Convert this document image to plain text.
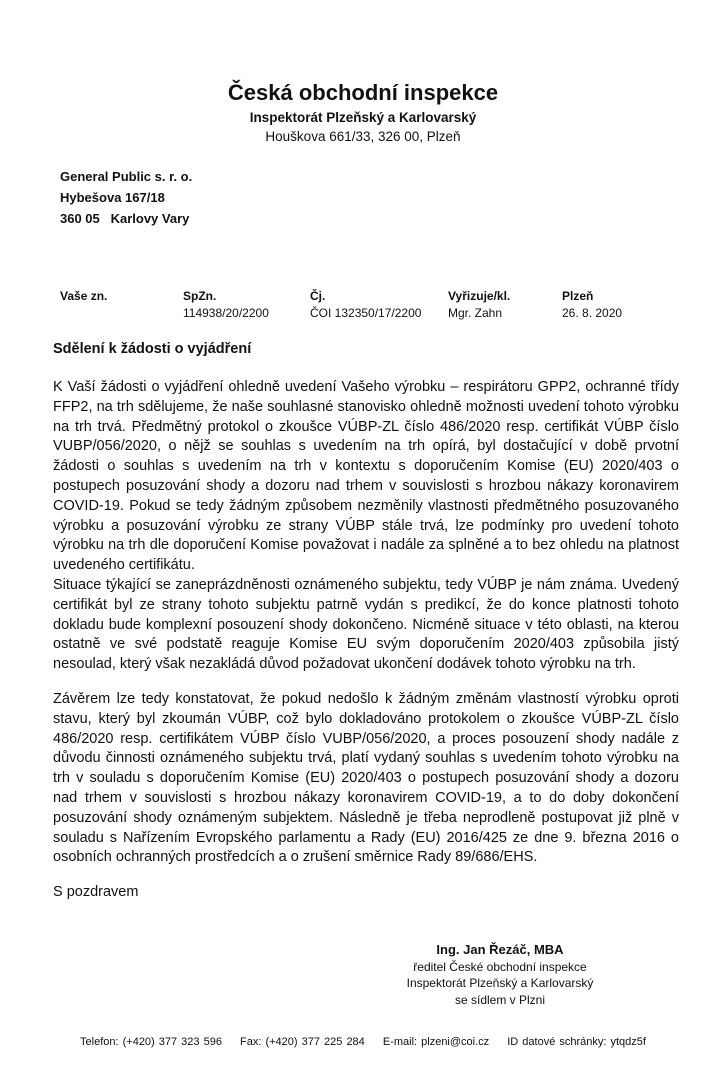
Česká obchodní inspekce
Inspektorát Plzeňský a Karlovarský
Houškova 661/33, 326 00, Plzeň
General Public s. r. o.
Hybešova 167/18
360 05   Karlovy Vary
Vaše zn.	SpZn.
114938/20/2200
Čj.
ČOI 132350/17/2200
Vyřizuje/kl.
Mgr. Zahn
Plzeň
26. 8. 2020
Sdělení k žádosti o vyjádření

K Vaší žádosti o vyjádření ohledně uvedení Vašeho výrobku – respirátoru GPP2, ochranné třídy FFP2, na trh sdělujeme, že naše souhlasné stanovisko ohledně možnosti uvedení tohoto výrobku na trh trvá. Předmětný protokol o zkoušce VÚBP-ZL číslo 486/2020 resp. certifikát VÚBP číslo VUBP/056/2020, o nějž se souhlas s uvedením na trh opírá, byl dostačující v době prvotní žádosti o souhlas s uvedením na trh v kontextu s doporučením Komise (EU) 2020/403 o postupech posuzování shody a dozoru nad trhem v souvislosti s hrozbou nákazy koronavirem COVID-19. Pokud se tedy žádným způsobem nezměnily vlastnosti předmětného posuzovaného výrobku a posuzování výrobku ze strany VÚBP stále trvá, lze podmínky pro uvedení tohoto výrobku na trh dle doporučení Komise považovat i nadále za splněné a to bez ohledu na platnost uvedeného certifikátu.

Situace týkající se zaneprázdněnosti oznámeného subjektu, tedy VÚBP je nám známa. Uvedený certifikát byl ze strany tohoto subjektu patrně vydán s predikcí, že do konce platnosti tohoto dokladu bude komplexní posouzení shody dokončeno. Nicméně situace v této oblasti, na kterou ostatně ve své podstatě reaguje Komise EU svým doporučením 2020/403 způsobila jistý nesoulad, který však nezakládá důvod požadovat ukončení dodávek tohoto výrobku na trh.

Závěrem lze tedy konstatovat, že pokud nedošlo k žádným změnám vlastností výrobku oproti stavu, který byl zkoumán VÚBP, což bylo dokladováno protokolem o zkoušce VÚBP-ZL číslo 486/2020 resp. certifikátem VÚBP číslo VUBP/056/2020, a proces posouzení shody nadále z důvodu činnosti oznámeného subjektu trvá, platí vydaný souhlas s uvedením tohoto výrobku na trh v souladu s doporučením Komise (EU) 2020/403 o postupech posuzování shody a dozoru nad trhem v souvislosti s hrozbou nákazy koronavirem COVID-19, a to do doby dokončení posuzování shody oznámeným subjektem. Následně je třeba neprodleně postupovat již plně v souladu s Nařízením Evropského parlamentu a Rady (EU) 2016/425 ze dne 9. března 2016 o osobních ochranných prostředcích a o zrušení směrnice Rady 89/686/EHS.

S pozdravem
Ing. Jan Řezáč, MBA
ředitel České obchodní inspekce
Inspektorát Plzeňský a Karlovarský
se sídlem v Plzni
Telefon: (+420) 377 323 596 Fax: (+420) 377 225 284 E-mail: plzeni@coi.cz ID datové schránky: ytqdz5f
